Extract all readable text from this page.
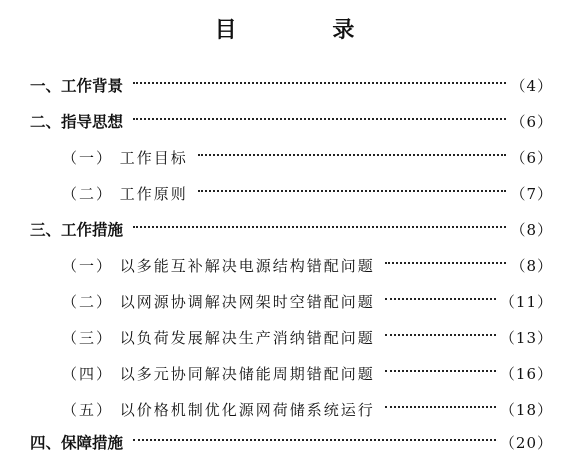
目 录
一、工作背景	（4）
二、指导思想	（6）
（一） 工作目标	（6）
（二） 工作原则	（7）
三、工作措施	（8）
（一） 以多能互补解决电源结构错配问题	（8）
（二） 以网源协调解决网架时空错配问题	（11）
（三） 以负荷发展解决生产消纳错配问题	（13）
（四） 以多元协同解决储能周期错配问题	（16）
（五） 以价格机制优化源网荷储系统运行	（18）
四、保障措施	（20）
